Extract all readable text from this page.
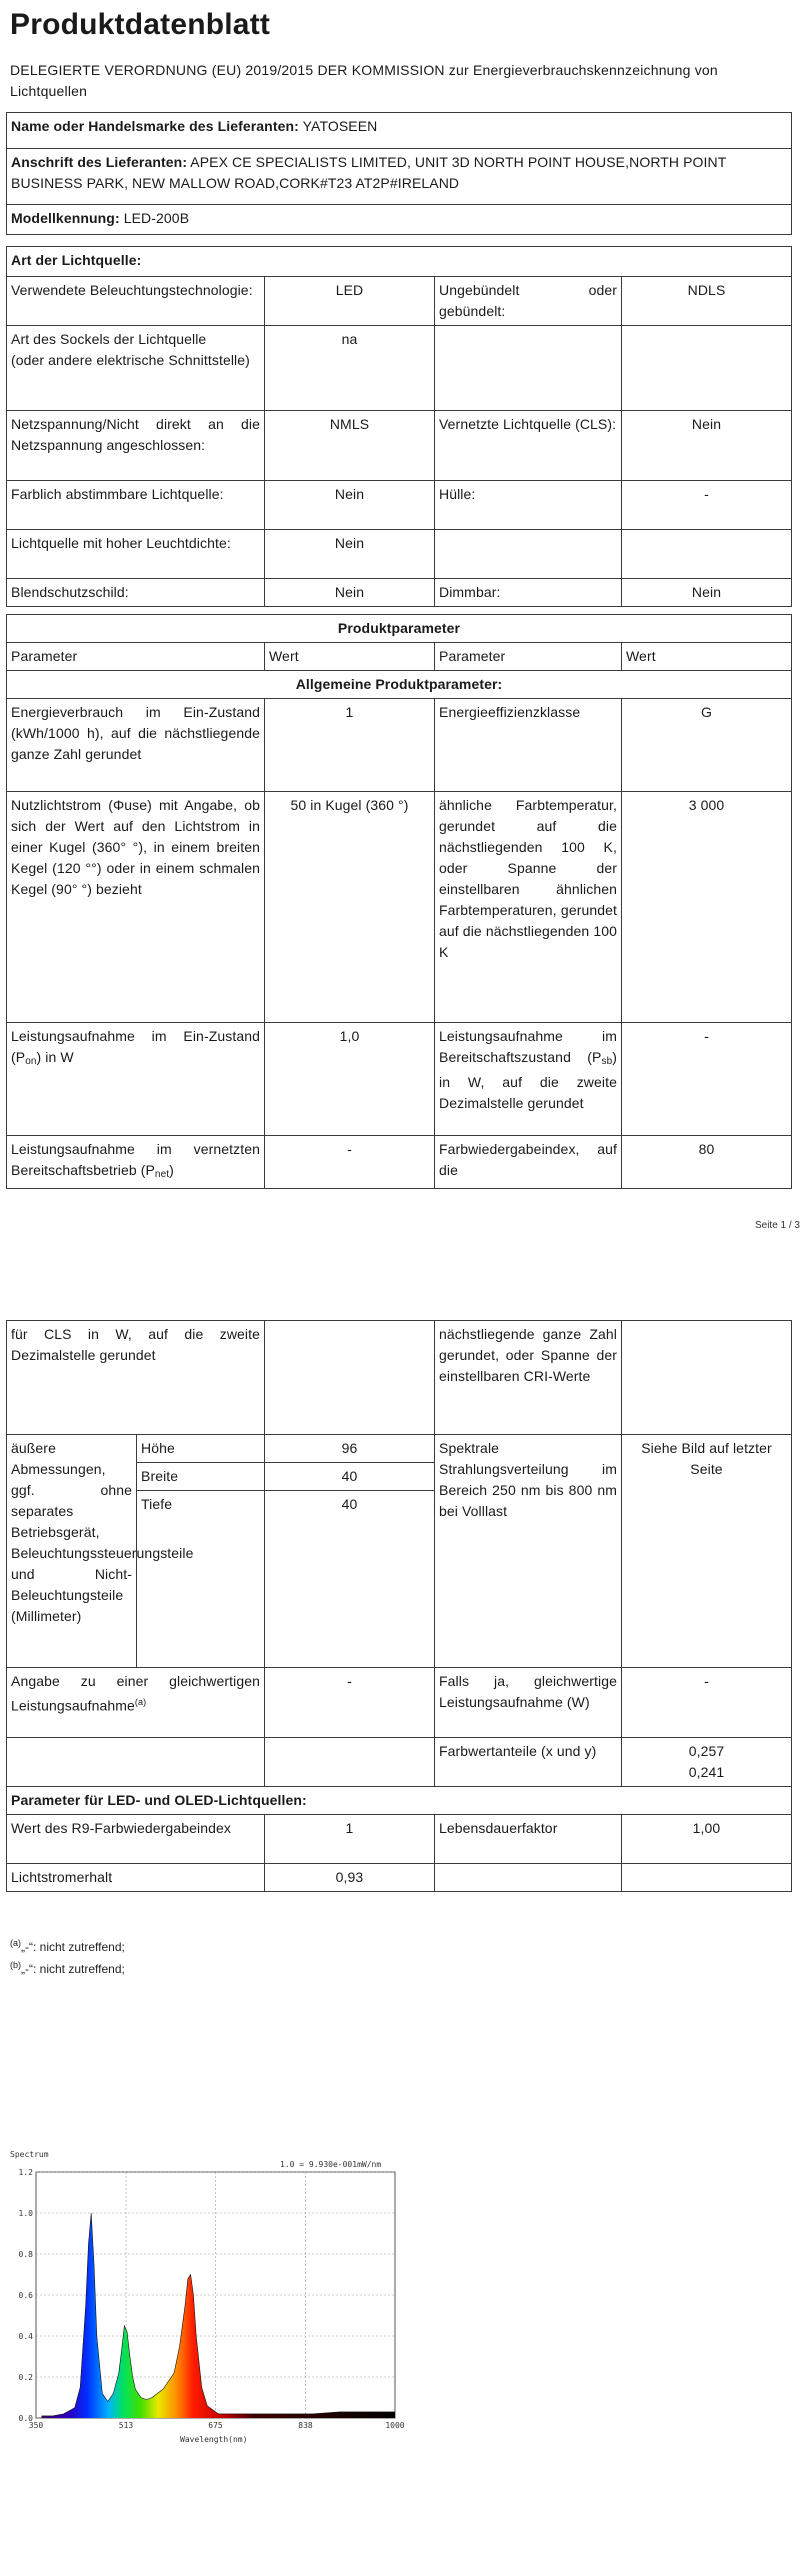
Produktdatenblatt
DELEGIERTE VERORDNUNG (EU) 2019/2015 DER KOMMISSION zur Energieverbrauchskennzeichnung von Lichtquellen
Name oder Handelsmarke des Lieferanten: YATOSEEN
Anschrift des Lieferanten: APEX CE SPECIALISTS LIMITED, UNIT 3D NORTH POINT HOUSE,NORTH POINT BUSINESS PARK, NEW MALLOW ROAD,CORK#T23 AT2P#IRELAND
Modellkennung: LED-200B
Art der Lichtquelle:			
Verwendete Beleuchtungstechnologie:	LED	Ungebündelt oder gebündelt:	NDLS

Art des Sockels der Lichtquelle
(oder andere elektrische Schnittstelle)	na		
Netzspannung/Nicht direkt an die Netzspannung angeschlossen:	NMLS	Vernetzte Lichtquelle (CLS):	Nein
Farblich abstimmbare Lichtquelle:	Nein	Hülle:	-
Lichtquelle mit hoher Leuchtdichte:	Nein		
Blendschutzschild:	Nein	Dimmbar:	Nein
Produktparameter			
Parameter	Wert	Parameter	Wert
Allgemeine Produktparameter:			
Energieverbrauch im Ein-Zustand (kWh/1000 h), auf die nächstliegende ganze Zahl gerundet	1	Energieeffizienzklasse	G
Nutzlichtstrom (Φuse) mit Angabe, ob sich der Wert auf den Lichtstrom in einer Kugel (360° °), in einem breiten Kegel (120 °°) oder in einem schmalen Kegel (90° °) bezieht	50 in Kugel (360 °)	ähnliche Farbtemperatur, gerundet auf die nächstliegenden 100 K, oder Spanne der einstellbaren ähnlichen Farbtemperaturen, gerundet auf die nächstliegenden 100 K	3 000
Leistungsaufnahme im Ein-Zustand $(P_{on})$ in W	1,0	Leistungsaufnahme im Bereitschaftszustand $(P_{sb})$ in W, auf die zweite Dezimalstelle gerundet	-
Leistungsaufnahme im vernetzten Bereitschaftsbetrieb $(P_{net})$	-	Farbwiedergabeindex, auf die	80
Seite 1 / 3
für CLS in W, auf die zweite Dezimalstelle gerundet			nächstliegende ganze Zahl gerundet, oder Spanne der einstellbaren CRI-Werte	
äußere Abmessungen, ggf. ohne separates Betriebsgerät, Beleuchtungssteuerungsteile und Nicht-Beleuchtungsteile (Millimeter)	Höhe	96	Spektrale Strahlungsverteilung im Bereich 250 nm bis 800 nm bei Volllast	Siehe Bild auf letzter Seite
	Breite	40		
	Tiefe	40		
Angabe zu einer gleichwertigen Leistungsaufnahme$^{(a)}$		-	Falls ja, gleichwertige Leistungsaufnahme (W)	-
			Farbwertanteile (x und y)	0,257
0,241

Parameter für LED- und OLED-Lichtquellen:				
Wert des R9-Farbwiedergabeindex		1	Lebensdauerfaktor	1,00
Lichtstromerhalt		0,93		
$^{(a)}$„-“: nicht zutreffend;
$^{(b)}$„-“: nicht zutreffend;
0.0
0.2
0.4
0.6
0.8
1.0
1.2
350	513	675	838	1000
Spectrum
1.0 = 9.930e-001mW/nm
Wavelength(nm)
